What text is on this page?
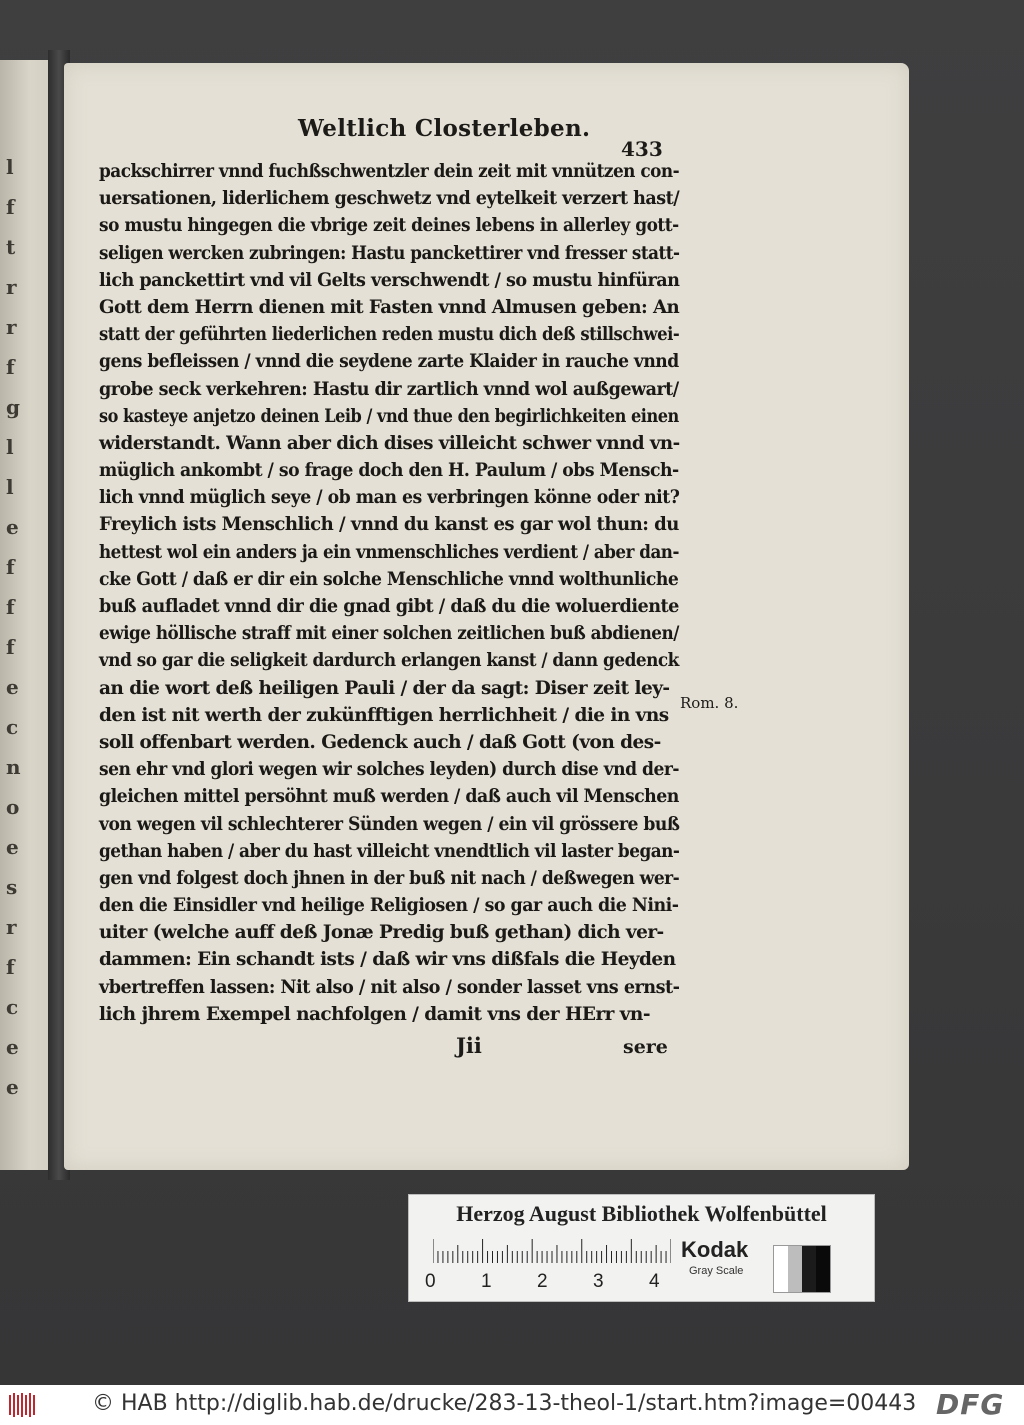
l
f
t
r
r
f
g
l
l
e
f
f
f
e
c
n
o
e
s
r
f
c
e
e
Weltlich Closterleben.
433
packschirrer vnnd fuchßschwentzler dein zeit mit vnnützen con-
uersationen, liderlichem geschwetz vnd eytelkeit verzert hast/
so mustu hingegen die vbrige zeit deines lebens in allerley gott-
seligen wercken zubringen: Hastu panckettirer vnd fresser statt-
lich panckettirt vnd vil Gelts verschwendt / so mustu hinfüran
Gott dem Herrn dienen mit Fasten vnnd Almusen geben: An
statt der geführten liederlichen reden mustu dich deß stillschwei-
gens befleissen / vnnd die seydene zarte Klaider in rauche vnnd
grobe seck verkehren: Hastu dir zartlich vnnd wol außgewart/
so kasteye anjetzo deinen Leib / vnd thue den begirlichkeiten einen
widerstandt. Wann aber dich dises villeicht schwer vnnd vn-
müglich ankombt / so frage doch den H. Paulum / obs Mensch-
lich vnnd müglich seye / ob man es verbringen könne oder nit?
Freylich ists Menschlich / vnnd du kanst es gar wol thun: du
hettest wol ein anders ja ein vnmenschliches verdient / aber dan-
cke Gott / daß er dir ein solche Menschliche vnnd wolthunliche
buß aufladet vnnd dir die gnad gibt / daß du die woluerdiente
ewige höllische straff mit einer solchen zeitlichen buß abdienen/
vnd so gar die seligkeit dardurch erlangen kanst / dann gedenck
an die wort deß heiligen Pauli / der da sagt: Diser zeit ley-
den ist nit werth der zukünfftigen herrlichheit / die in vns
soll offenbart werden. Gedenck auch / daß Gott (von des-
sen ehr vnd glori wegen wir solches leyden) durch dise vnd der-
gleichen mittel persöhnt muß werden / daß auch vil Menschen
von wegen vil schlechterer Sünden wegen / ein vil grössere buß
gethan haben / aber du hast villeicht vnendtlich vil laster began-
gen vnd folgest doch jhnen in der buß nit nach / deßwegen wer-
den die Einsidler vnd heilige Religiosen / so gar auch die Nini-
uiter (welche auff deß Jonæ Predig buß gethan) dich ver-
dammen: Ein schandt ists / daß wir vns dißfals die Heyden
vbertreffen lassen: Nit also / nit also / sonder lasset vns ernst-
lich jhrem Exempel nachfolgen / damit vns der HErr vn-
Rom. 8.
Jii	sere
Herzog August Bibliothek Wolfenbüttel
0 1 2 3 4
Kodak
Gray Scale
© HAB http://diglib.hab.de/drucke/283-13-theol-1/start.htm?image=00443 DFG
